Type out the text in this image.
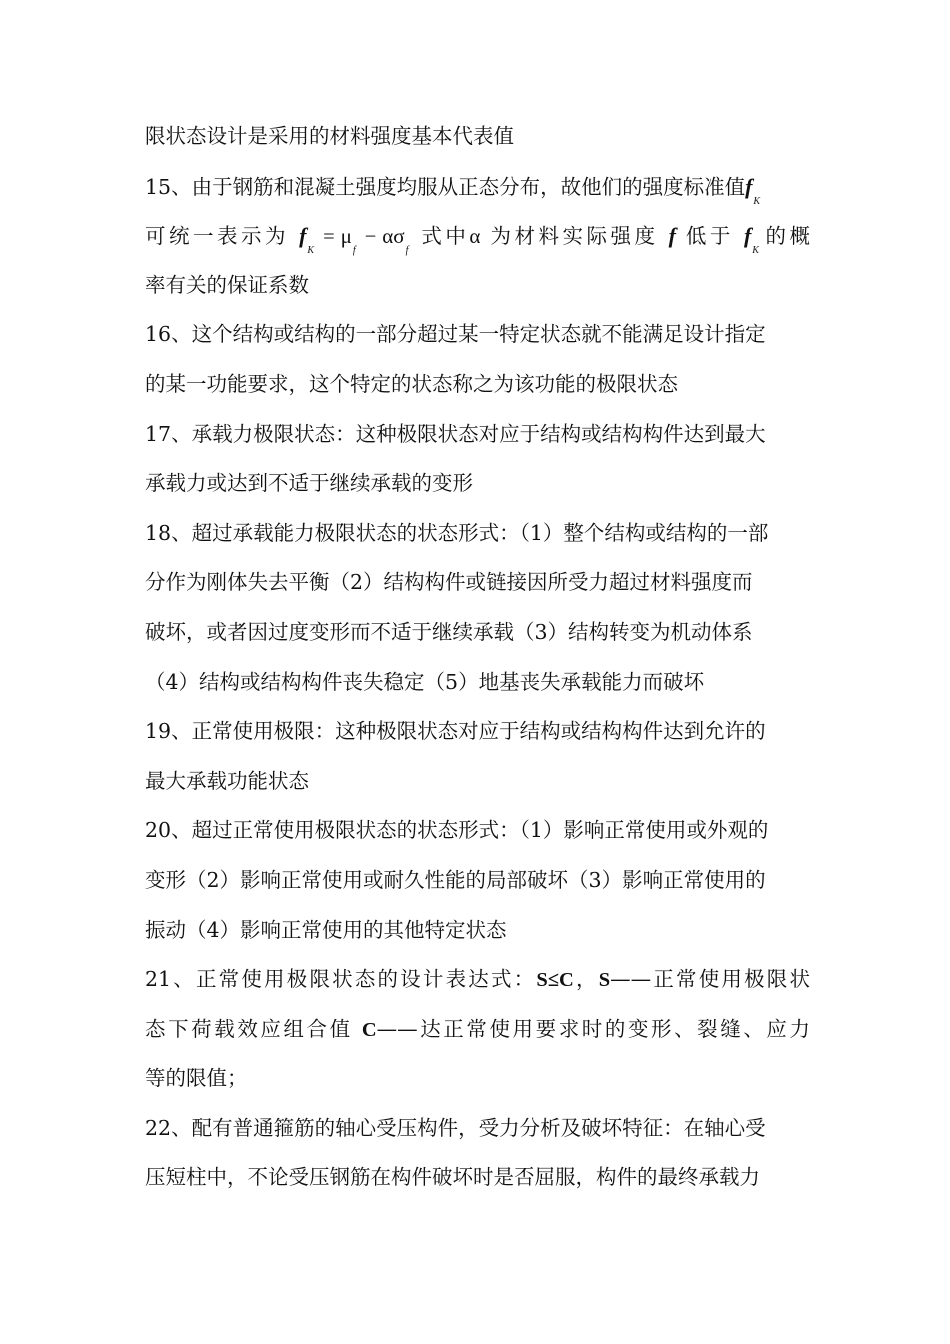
限状态设计是采用的材料强度基本代表值
15、由于钢筋和混凝土强度均服从正态分布，故他们的强度标准值$f_K$
可统一表示为 $f_K= \mu_f- \alpha\sigma_f$ 式中α 为材料实际强度 f 低于 $f_K$的概
率有关的保证系数
16、这个结构或结构的一部分超过某一特定状态就不能满足设计指定
的某一功能要求，这个特定的状态称之为该功能的极限状态
17、承载力极限状态：这种极限状态对应于结构或结构构件达到最大
承载力或达到不适于继续承载的变形
18、超过承载能力极限状态的状态形式：（1）整个结构或结构的一部
分作为刚体失去平衡（2）结构构件或链接因所受力超过材料强度而
破坏，或者因过度变形而不适于继续承载（3）结构转变为机动体系
（4）结构或结构构件丧失稳定（5）地基丧失承载能力而破坏
19、正常使用极限：这种极限状态对应于结构或结构构件达到允许的
最大承载功能状态
20、超过正常使用极限状态的状态形式：（1）影响正常使用或外观的
变形（2）影响正常使用或耐久性能的局部破坏（3）影响正常使用的
振动（4）影响正常使用的其他特定状态
21、正常使用极限状态的设计表达式：S≤C，S——正常使用极限状
态下荷载效应组合值 C——达正常使用要求时的变形、裂缝、应力
等的限值；
22、配有普通箍筋的轴心受压构件，受力分析及破坏特征：在轴心受
压短柱中，不论受压钢筋在构件破坏时是否屈服，构件的最终承载力
